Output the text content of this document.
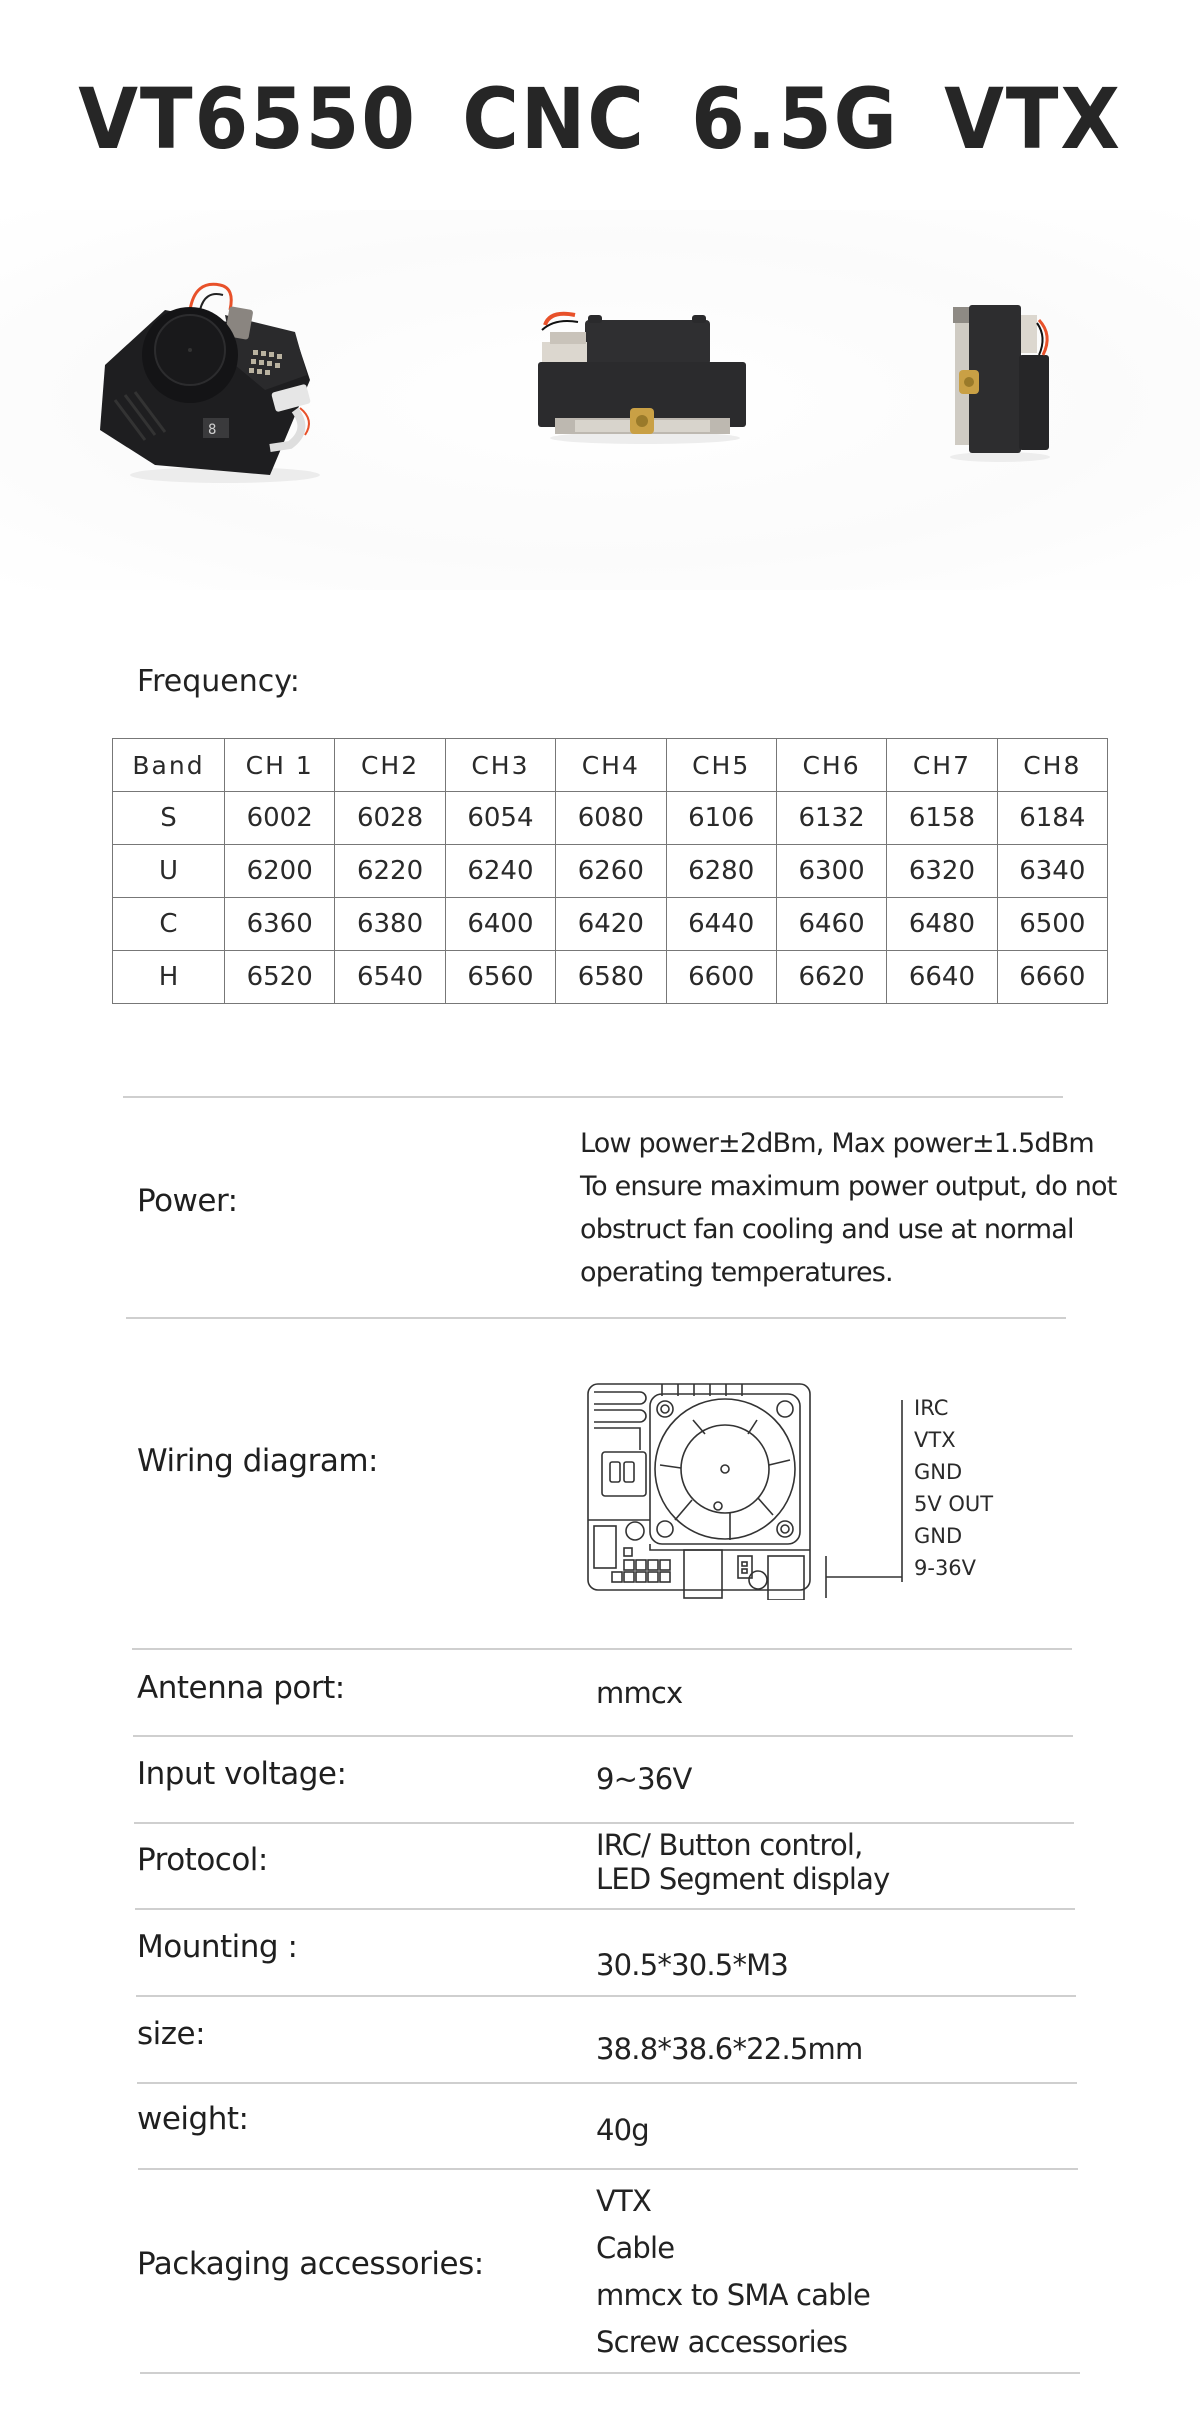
VT6550 CNC 6.5G VTX
8
Frequency:
Band	CH 1	CH2	CH3	CH4	CH5	CH6	CH7	CH8
S	6002	6028	6054	6080	6106	6132	6158	6184
U	6200	6220	6240	6260	6280	6300	6320	6340
C	6360	6380	6400	6420	6440	6460	6480	6500
H	6520	6540	6560	6580	6600	6620	6640	6660
Power:
Low power±2dBm, Max power±1.5dBm
To ensure maximum power output, do not
obstruct fan cooling and use at normal
operating temperatures.
Wiring diagram:
IRC
VTX
GND
5V OUT
GND
9-36V
Antenna port:	mmcx
Input voltage:	9~36V
Protocol:	IRC/ Button control,
LED Segment display
Mounting :	30.5*30.5*M3
size:	38.8*38.6*22.5mm
weight:	40g
Packaging accessories:
VTX
Cable
mmcx to SMA cable
Screw accessories
